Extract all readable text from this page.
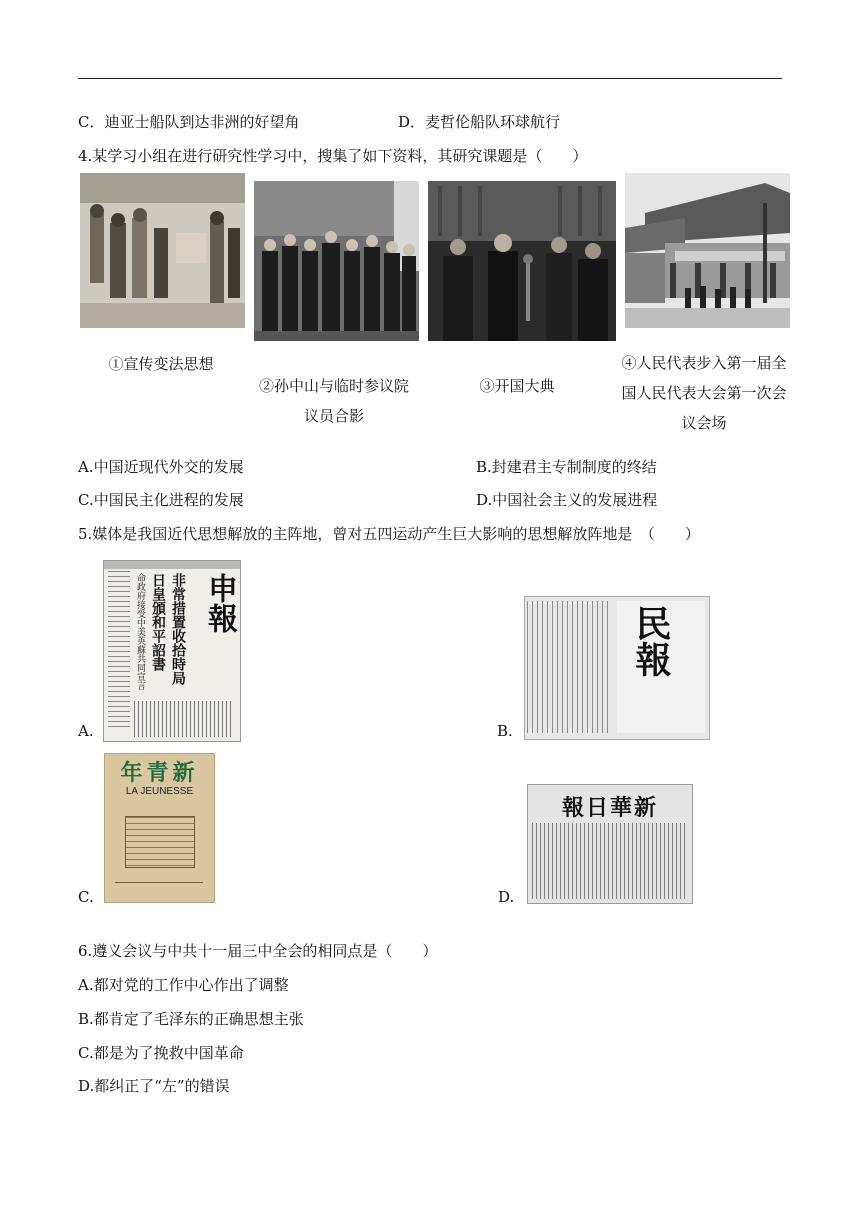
C．迪亚士船队到达非洲的好望角	D．麦哲伦船队环球航行
4.某学习小组在进行研究性学习中，搜集了如下资料，其研究课题是（　　）
①宣传变法思想
②孙中山与临时参议院议员合影
③开国大典
④人民代表步入第一届全国人民代表大会第一次会议会场
A.中国近现代外交的发展	B.封建君主专制制度的终结
C.中国民主化进程的发展	D.中国社会主义的发展进程
5.媒体是我国近代思想解放的主阵地，曾对五四运动产生巨大影响的思想解放阵地是　（　　）
申報
非常措置收拾時局
日皇頒和平詔書
命政府接受中美英蘇共同宣言
A.
民報
B.
新青年
LA JEUNESSE
C.
新華日報
D.
6.遵义会议与中共十一届三中全会的相同点是（　　）
A.都对党的工作中心作出了调整
B.都肯定了毛泽东的正确思想主张
C.都是为了挽救中国革命
D.都纠正了“左”的错误
